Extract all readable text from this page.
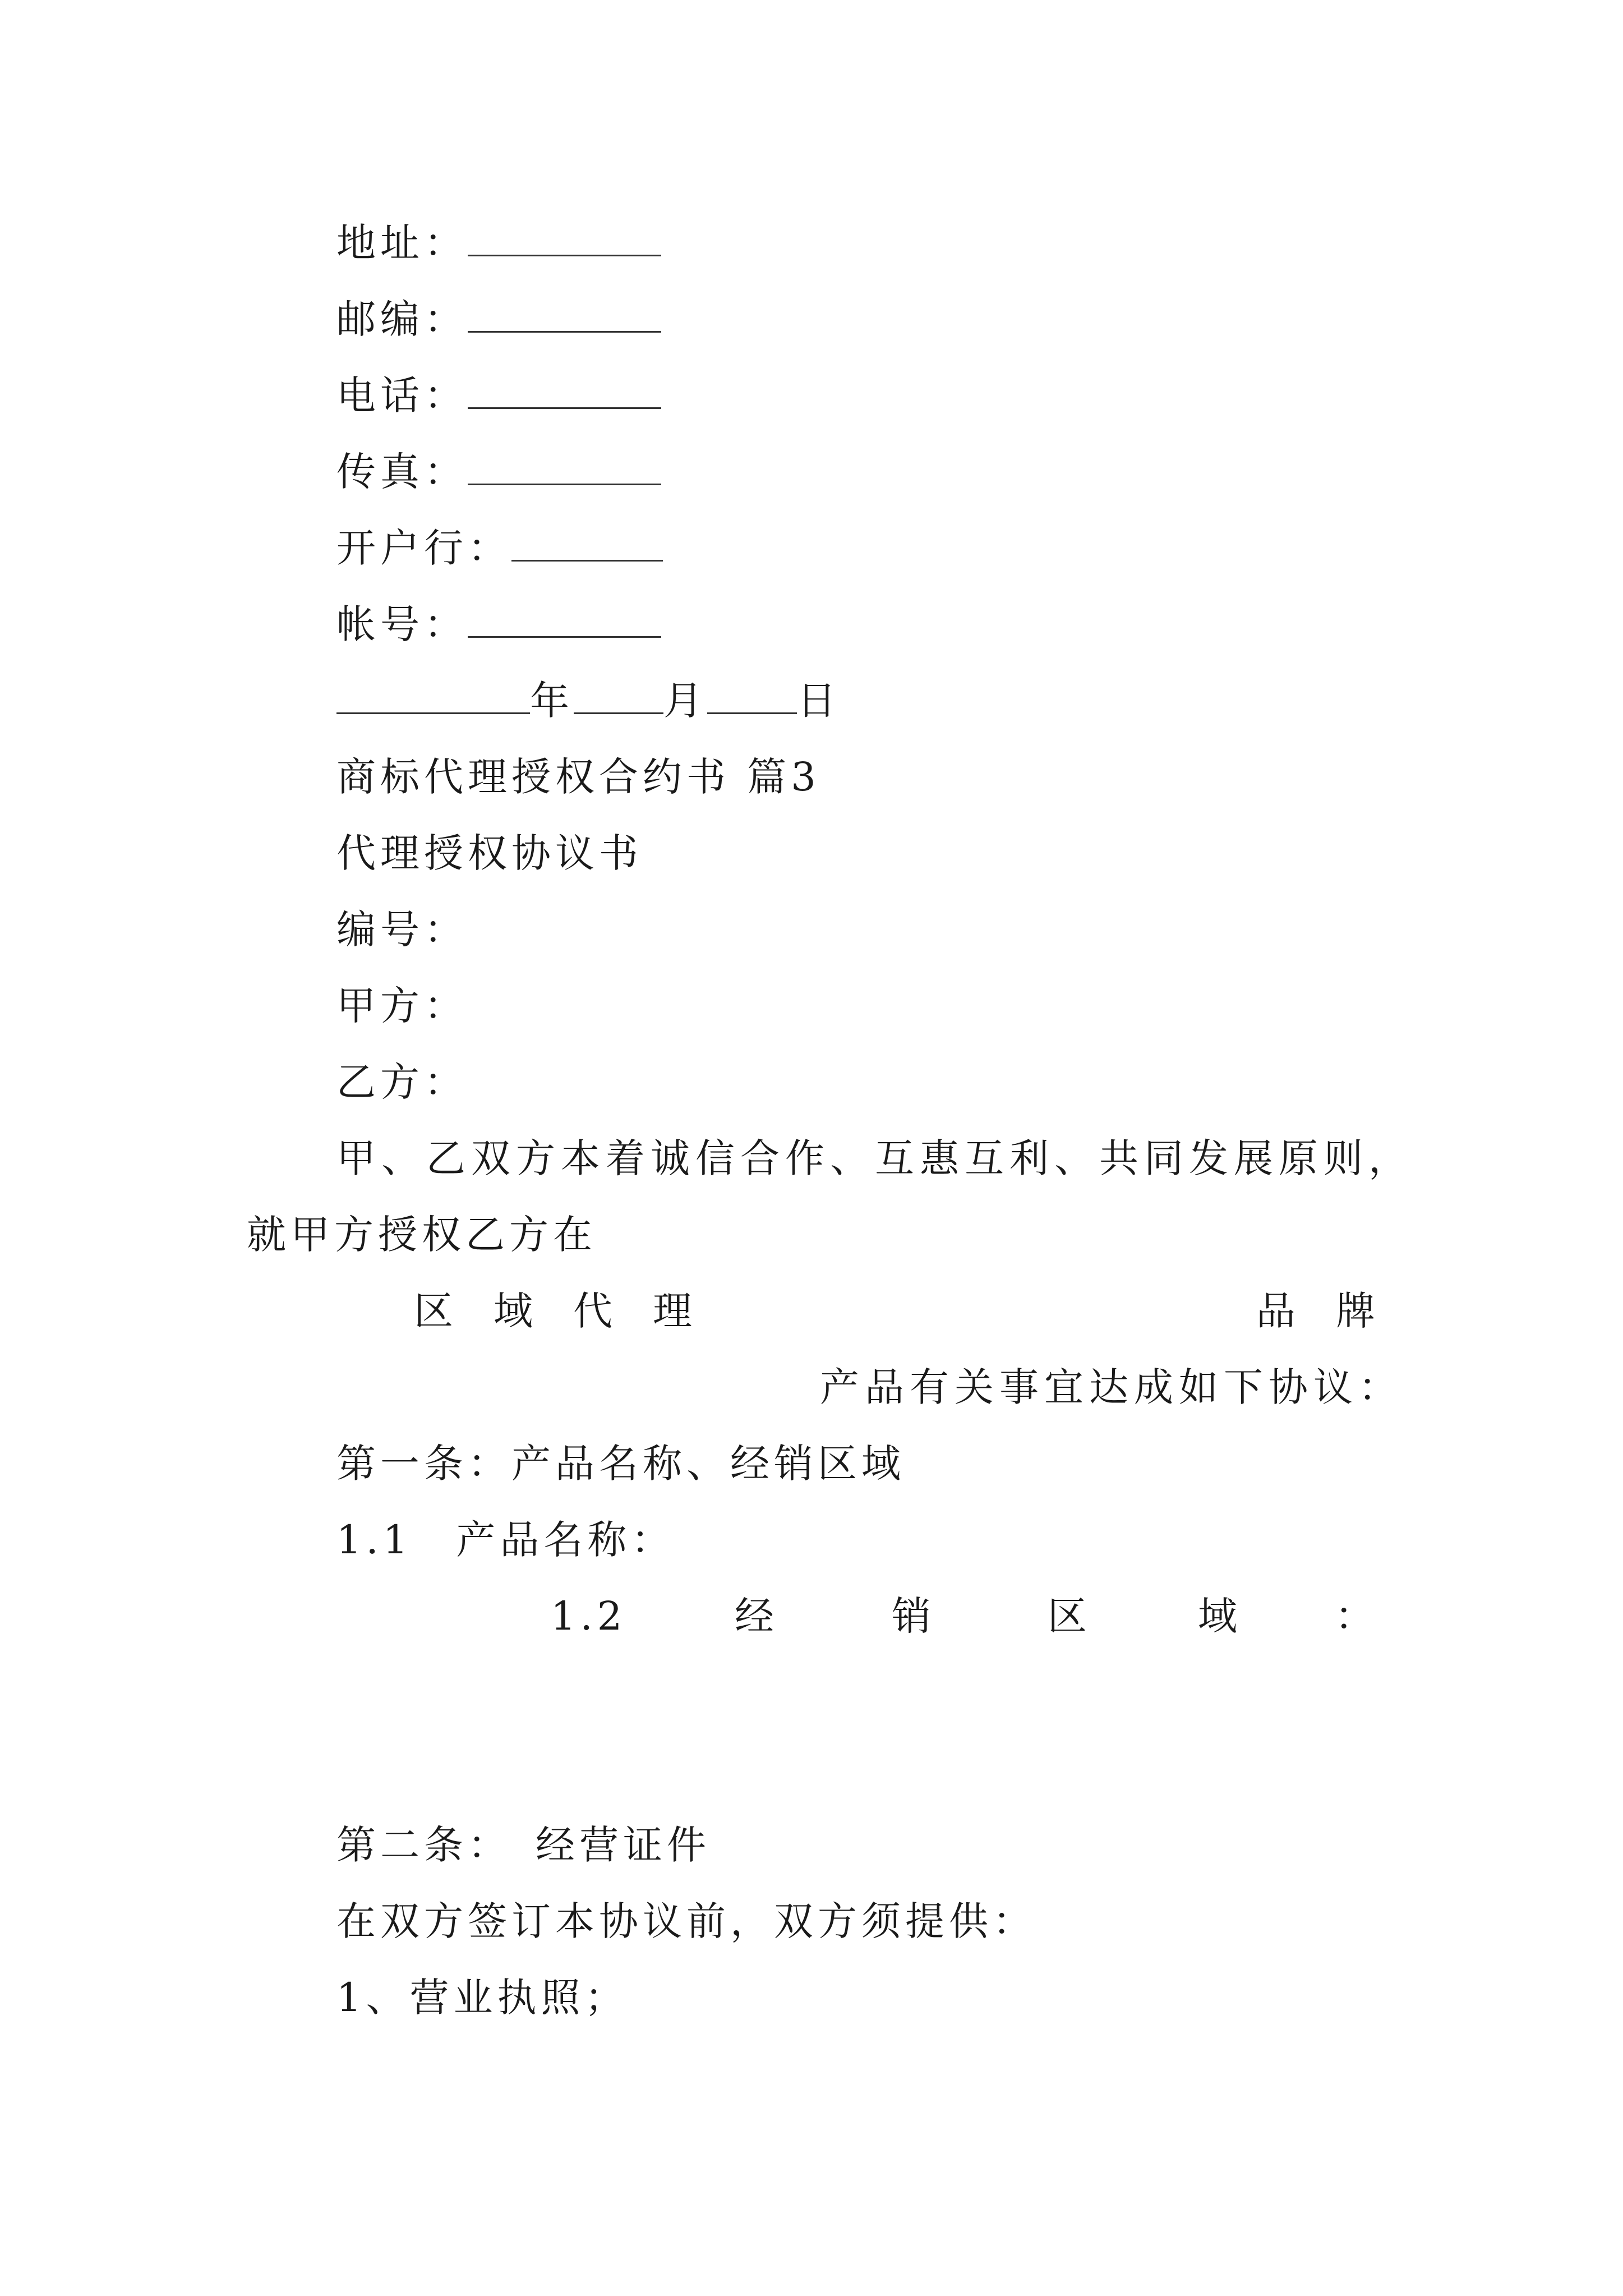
地址：
邮编：
电话：
传真：
开户行：
帐号：
年 月 日
商标代理授权合约书 篇3
代理授权协议书
编号：
甲方：
乙方：
甲、乙双方本着诚信合作、互惠互利、共同发展原则，
就甲方授权乙方在
区 域 代 理	品 牌
产品有关事宜达成如下协议：
第一条：产品名称、经销区域
1.1　产品名称：
1.2	经	销	区	域 ：
第二条：　经营证件
在双方签订本协议前，双方须提供：
1、营业执照；
